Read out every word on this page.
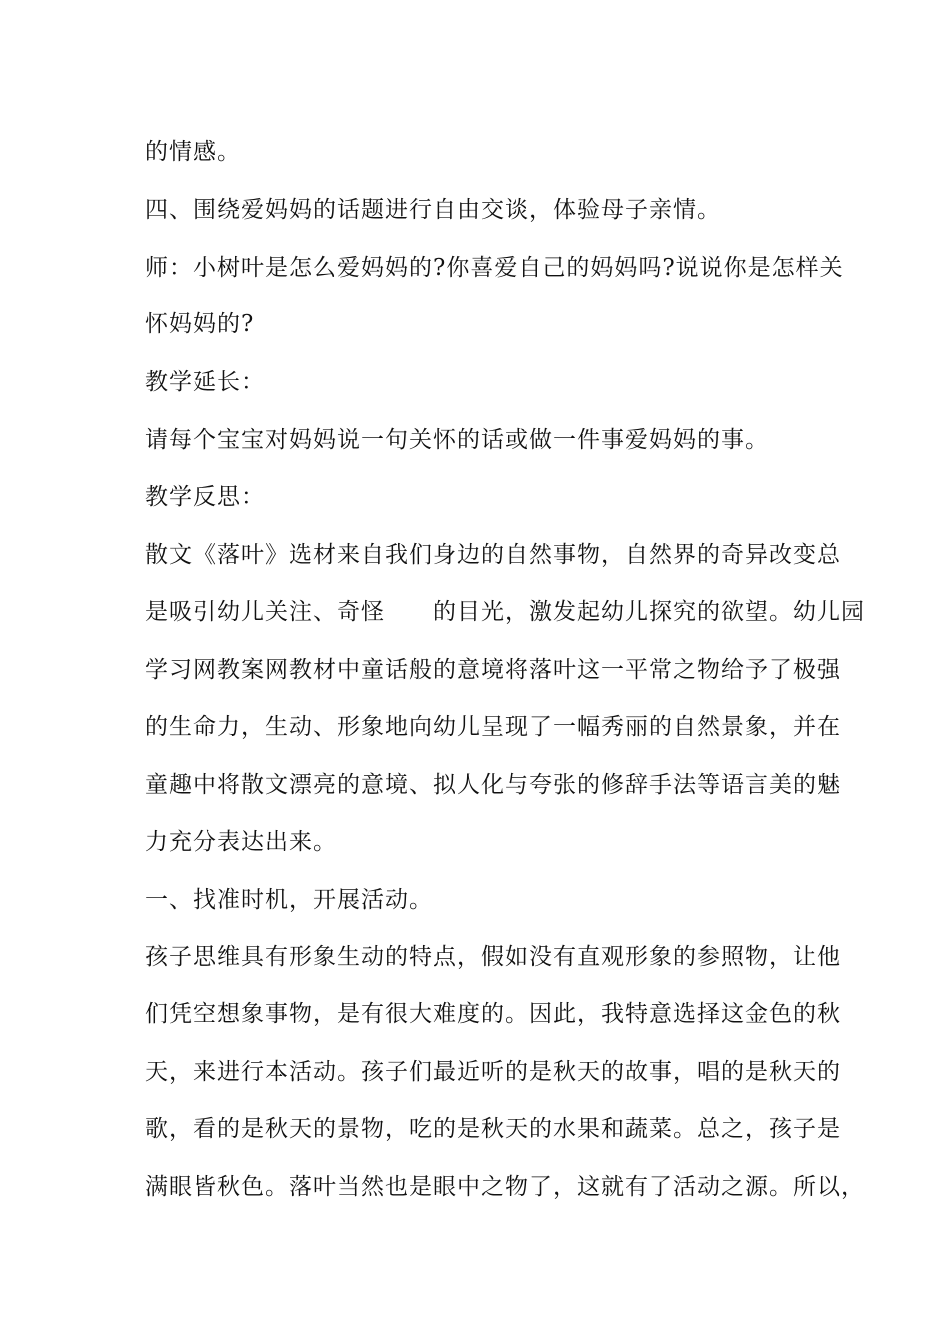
的情感。
四、围绕爱妈妈的话题进行自由交谈，体验母子亲情。
师：小树叶是怎么爱妈妈的?你喜爱自己的妈妈吗?说说你是怎样关
怀妈妈的?
教学延长：
请每个宝宝对妈妈说一句关怀的话或做一件事爱妈妈的事。
教学反思：
散文《落叶》选材来自我们身边的自然事物，自然界的奇异改变总
是吸引幼儿关注、奇怪　　的目光，激发起幼儿探究的欲望。幼儿园
学习网教案网教材中童话般的意境将落叶这一平常之物给予了极强
的生命力，生动、形象地向幼儿呈现了一幅秀丽的自然景象，并在
童趣中将散文漂亮的意境、拟人化与夸张的修辞手法等语言美的魅
力充分表达出来。
一、找准时机，开展活动。
孩子思维具有形象生动的特点，假如没有直观形象的参照物，让他
们凭空想象事物，是有很大难度的。因此，我特意选择这金色的秋
天，来进行本活动。孩子们最近听的是秋天的故事，唱的是秋天的
歌，看的是秋天的景物，吃的是秋天的水果和蔬菜。总之，孩子是
满眼皆秋色。落叶当然也是眼中之物了，这就有了活动之源。所以，
